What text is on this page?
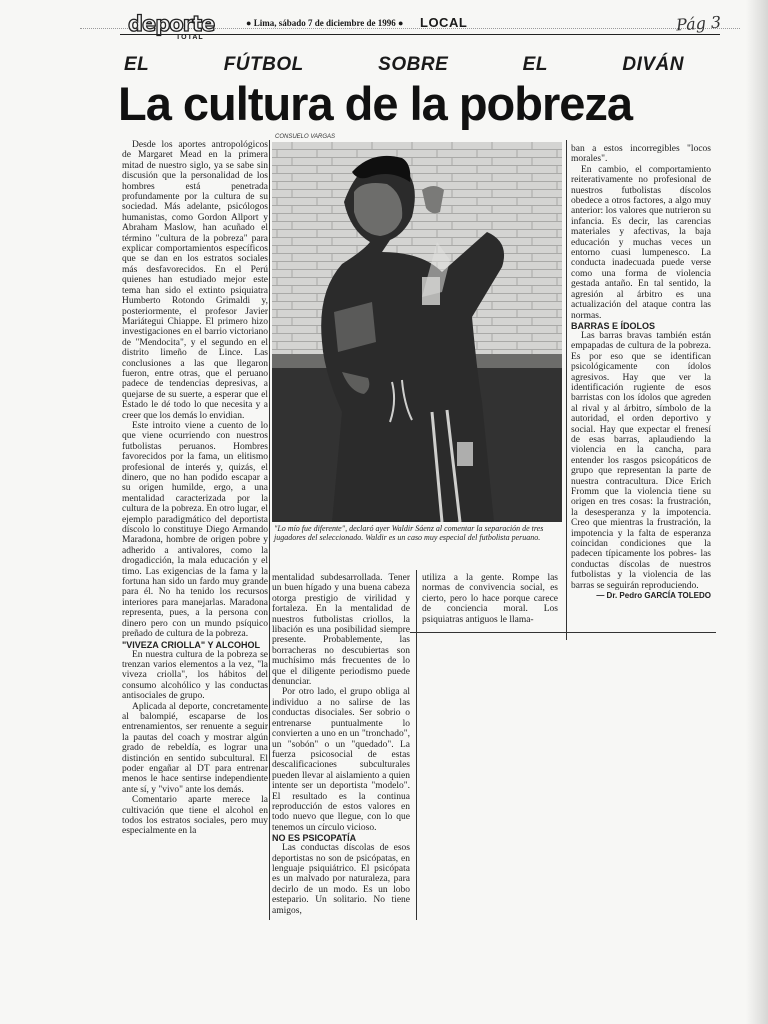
deporte
TOTAL
● Lima, sábado 7 de diciembre de 1996 ● LOCAL	Pág 3
EL	FÚTBOL	SOBRE	EL	DIVÁN
La cultura de la pobreza

Desde los aportes antropológicos de Margaret Mead en la primera mitad de nuestro siglo, ya se sabe sin discusión que la personalidad de los hombres está penetrada profundamente por la cultura de su sociedad. Más adelante, psicólogos humanistas, como Gordon Allport y Abraham Maslow, han acuñado el término "cultura de la pobreza" para explicar comportamientos específicos que se dan en los estratos sociales más desfavorecidos. En el Perú quienes han estudiado mejor este tema han sido el extinto psiquiatra Humberto Rotondo Grimaldi y, posteriormente, el profesor Javier Mariátegui Chiappe. El primero hizo investigaciones en el barrio victoriano de "Mendocita", y el segundo en el distrito limeño de Lince. Las conclusiones a las que llegaron fueron, entre otras, que el peruano padece de tendencias depresivas, a quejarse de su suerte, a esperar que el Estado le dé todo lo que necesita y a creer que los demás lo envidian.

Este introito viene a cuento de lo que viene ocurriendo con nuestros futbolistas peruanos. Hombres favorecidos por la fama, un elitismo profesional de interés y, quizás, el dinero, que no han podido escapar a su origen humilde, ergo, a una mentalidad caracterizada por la cultura de la pobreza. En otro lugar, el ejemplo paradigmático del deportista díscolo lo constituye Diego Armando Maradona, hombre de origen pobre y adherido a antivalores, como la drogadicción, la mala educación y el timo. Las exigencias de la fama y la fortuna han sido un fardo muy grande para él. No ha tenido los recursos interiores para manejarlas. Maradona representa, pues, a la persona con dinero pero con un mundo psíquico preñado de cultura de la pobreza.

"VIVEZA CRIOLLA" Y ALCOHOL

En nuestra cultura de la pobreza se trenzan varios elementos a la vez, "la viveza criolla", los hábitos del consumo alcohólico y las conductas antisociales de grupo.

Aplicada al deporte, concretamente al balompié, escaparse de los entrenamientos, ser renuente a seguir la pautas del coach y mostrar algún grado de rebeldía, es lograr una distinción en sentido subcultural. El poder engañar al DT para entrenar menos le hace sentirse independiente ante sí, y "vivo" ante los demás.

Comentario aparte merece la cultivación que tiene el alcohol en todos los estratos sociales, pero muy especialmente en la

CONSUELO VARGAS
"Lo mío fue diferente", declaró ayer Waldir Sáenz al comentar la separación de tres jugadores del seleccionado. Waldir es un caso muy especial del futbolista peruano.

mentalidad subdesarrollada. Tener un buen hígado y una buena cabeza otorga prestigio de virilidad y fortaleza. En la mentalidad de nuestros futbolistas criollos, la libación es una posibilidad siempre presente. Probablemente, las borracheras no descubiertas son muchísimo más frecuentes de lo que el diligente periodismo puede denunciar.

Por otro lado, el grupo obliga al individuo a no salirse de las conductas disociales. Ser sobrio o entrenarse puntualmente lo convierten a uno en un "tronchado", un "sobón" o un "quedado". La fuerza psicosocial de estas descalificaciones subculturales pueden llevar al aislamiento a quien intente ser un deportista "modelo". El resultado es la continua reproducción de estos valores en todo nuevo que llegue, con lo que tenemos un círculo vicioso.

NO ES PSICOPATÍA

Las conductas díscolas de esos deportistas no son de psicópatas, en lenguaje psiquiátrico. El psicópata es un malvado por naturaleza, para decirlo de un modo. Es un lobo estepario. Un solitario. No tiene amigos,

utiliza a la gente. Rompe las normas de convivencia social, es cierto, pero lo hace porque carece de conciencia moral. Los psiquiatras antiguos le llama-

ban a estos incorregibles "locos morales".

En cambio, el comportamiento reiterativamente no profesional de nuestros futbolistas díscolos obedece a otros factores, a algo muy anterior: los valores que nutrieron su infancia. Es decir, las carencias materiales y afectivas, la baja educación y muchas veces un entorno cuasi lumpenesco. La conducta inadecuada puede verse como una forma de violencia gestada antaño. En tal sentido, la agresión al árbitro es una actualización del ataque contra las normas.

BARRAS E ÍDOLOS

Las barras bravas también están empapadas de cultura de la pobreza. Es por eso que se identifican psicológicamente con ídolos agresivos. Hay que ver la identificación rugiente de esos barristas con los ídolos que agreden al rival y al árbitro, símbolo de la autoridad, el orden deportivo y social. Hay que expectar el frenesí de esas barras, aplaudiendo la violencia en la cancha, para entender los rasgos psicopáticos de grupo que representan la parte de nuestra contracultura. Dice Erich Fromm que la violencia tiene su origen en tres cosas: la frustración, la desesperanza y la impotencia. Creo que mientras la frustración, la impotencia y la falta de esperanza coincidan condiciones que la padecen típicamente los pobres- las conductas díscolas de nuestros futbolistas y la violencia de las barras se seguirán reproduciendo.

— Dr. Pedro GARCÍA TOLEDO
